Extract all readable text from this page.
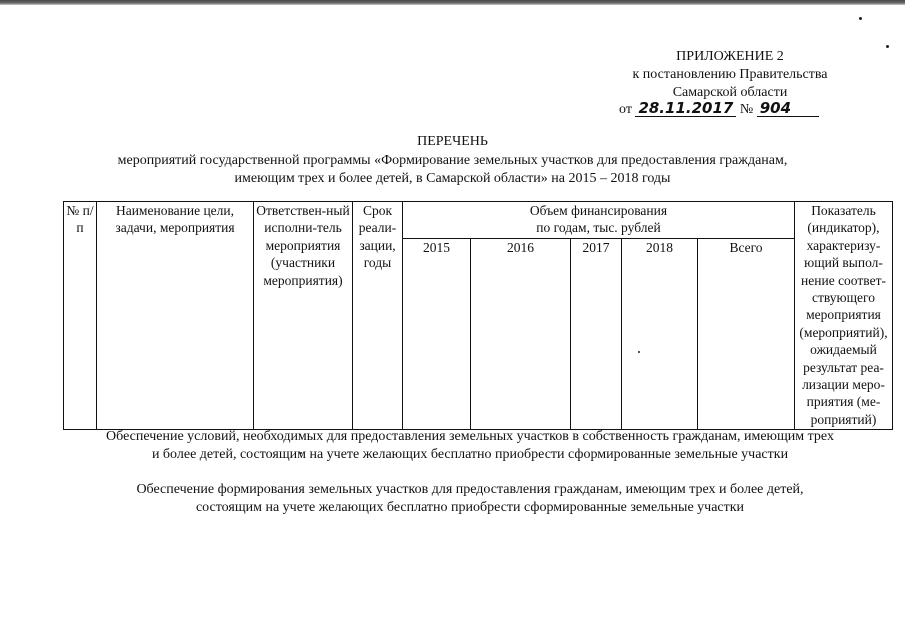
ПРИЛОЖЕНИЕ 2
к постановлению Правительства
Самарской области
от 28.11.2017 № 904
ПЕРЕЧЕНЬ
мероприятий государственной программы «Формирование земельных участков для предоставления гражданам,
имеющим трех и более детей, в Самарской области» на 2015 – 2018 годы
№ п/п	Наименование цели, задачи, мероприятия	Ответствен-ный исполни-тель мероприятия (участники мероприятия)	Срок реали-зации, годы	Объем финансирования по годам, тыс. рублей					Показатель (индикатор), характеризу-ющий выпол-нение соответ-ствующего мероприятия (мероприятий), ожидаемый результат реа-лизации меро-приятия (ме-роприятий)
				2015	2016	2017	2018	Всего	
Обеспечение условий, необходимых для предоставления земельных участков в собственность гражданам, имеющим трех
и более детей, состоящим на учете желающих бесплатно приобрести сформированные земельные участки
Обеспечение формирования земельных участков для предоставления гражданам, имеющим трех и более детей,
состоящим на учете желающих бесплатно приобрести сформированные земельные участки
